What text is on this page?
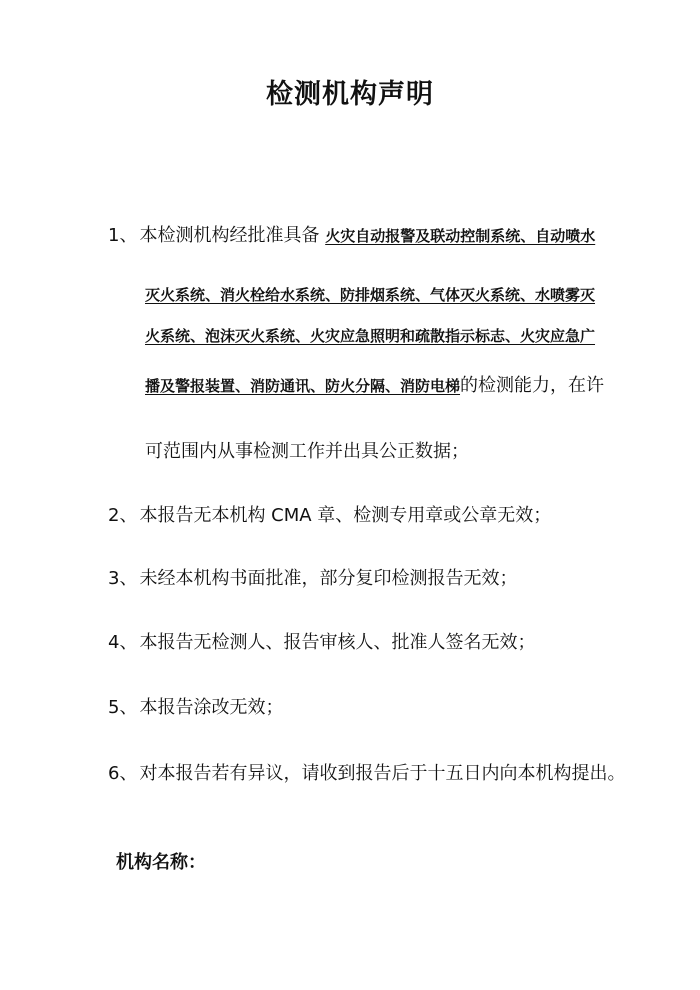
检测机构声明
1、 本检测机构经批准具备 火灾自动报警及联动控制系统、自动喷水
灭火系统、消火栓给水系统、防排烟系统、气体灭火系统、水喷雾灭
火系统、泡沫灭火系统、火灾应急照明和疏散指示标志、火灾应急广
播及警报装置、消防通讯、防火分隔、消防电梯的检测能力，在许
可范围内从事检测工作并出具公正数据；
2、 本报告无本机构 CMA 章、检测专用章或公章无效；
3、 未经本机构书面批准，部分复印检测报告无效；
4、 本报告无检测人、报告审核人、批准人签名无效；
5、 本报告涂改无效；
6、 对本报告若有异议，请收到报告后于十五日内向本机构提出。
机构名称：
